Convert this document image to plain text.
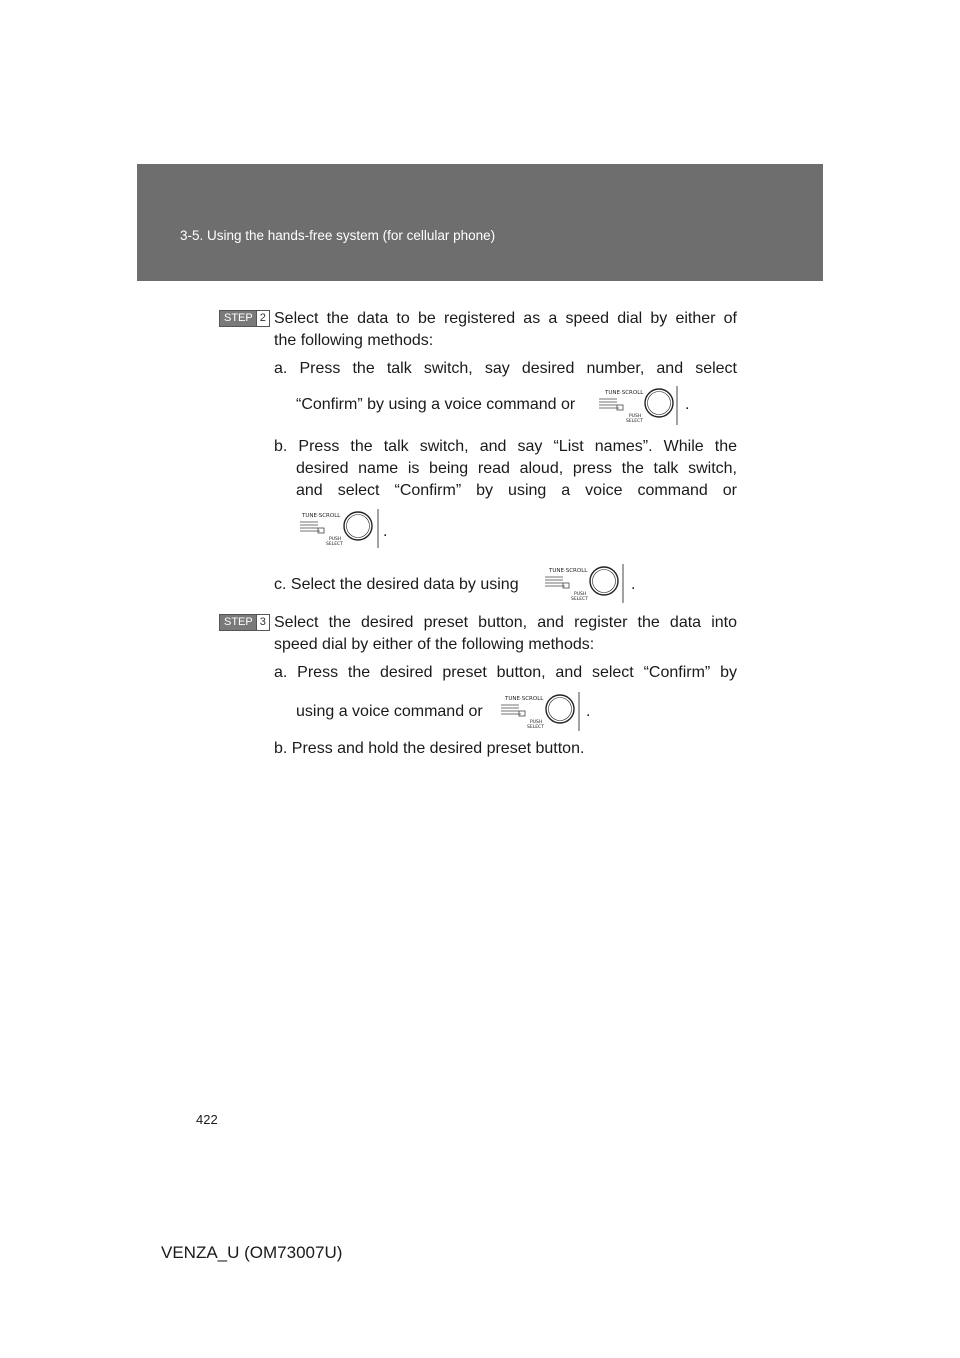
3-5. Using the hands-free system (for cellular phone)
STEP 2 Select the data to be registered as a speed dial by either of
the following methods:
a. Press the talk switch, say desired number, and select
“Confirm” by using a voice command or
TUNE·SCROLL
PUSH
SELECT
.
b. Press the talk switch, and say “List names”. While the
desired name is being read aloud, press the talk switch,
and select “Confirm” by using a voice command or
TUNE·SCROLL
PUSH
SELECT
.
c. Select the desired data by using
TUNE·SCROLL
PUSH
SELECT
.
STEP 3 Select the desired preset button, and register the data into
speed dial by either of the following methods:
a. Press the desired preset button, and select “Confirm” by
using a voice command or
TUNE·SCROLL
PUSH
SELECT
.
b. Press and hold the desired preset button.
422
VENZA_U (OM73007U)
